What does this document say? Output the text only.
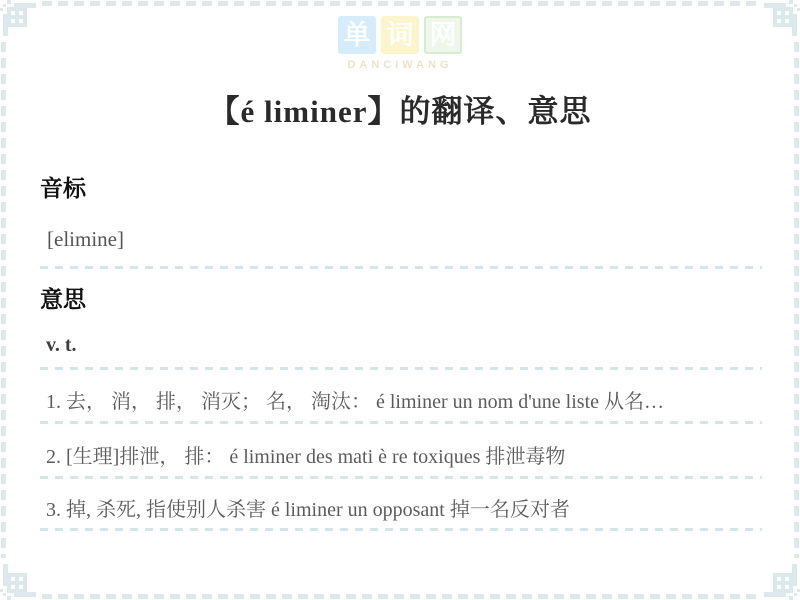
单 词 网
DANCIWANG
【é liminer】的翻译、意思
音标
[elimine]
意思
v. t.
1. 去， 消， 排， 消灭； 名， 淘汰： é liminer un nom d'une liste 从名…
2. [生理]排泄， 排： é liminer des mati è re toxiques 排泄毒物
3. 掉, 杀死, 指使别人杀害 é liminer un opposant 掉一名反对者
